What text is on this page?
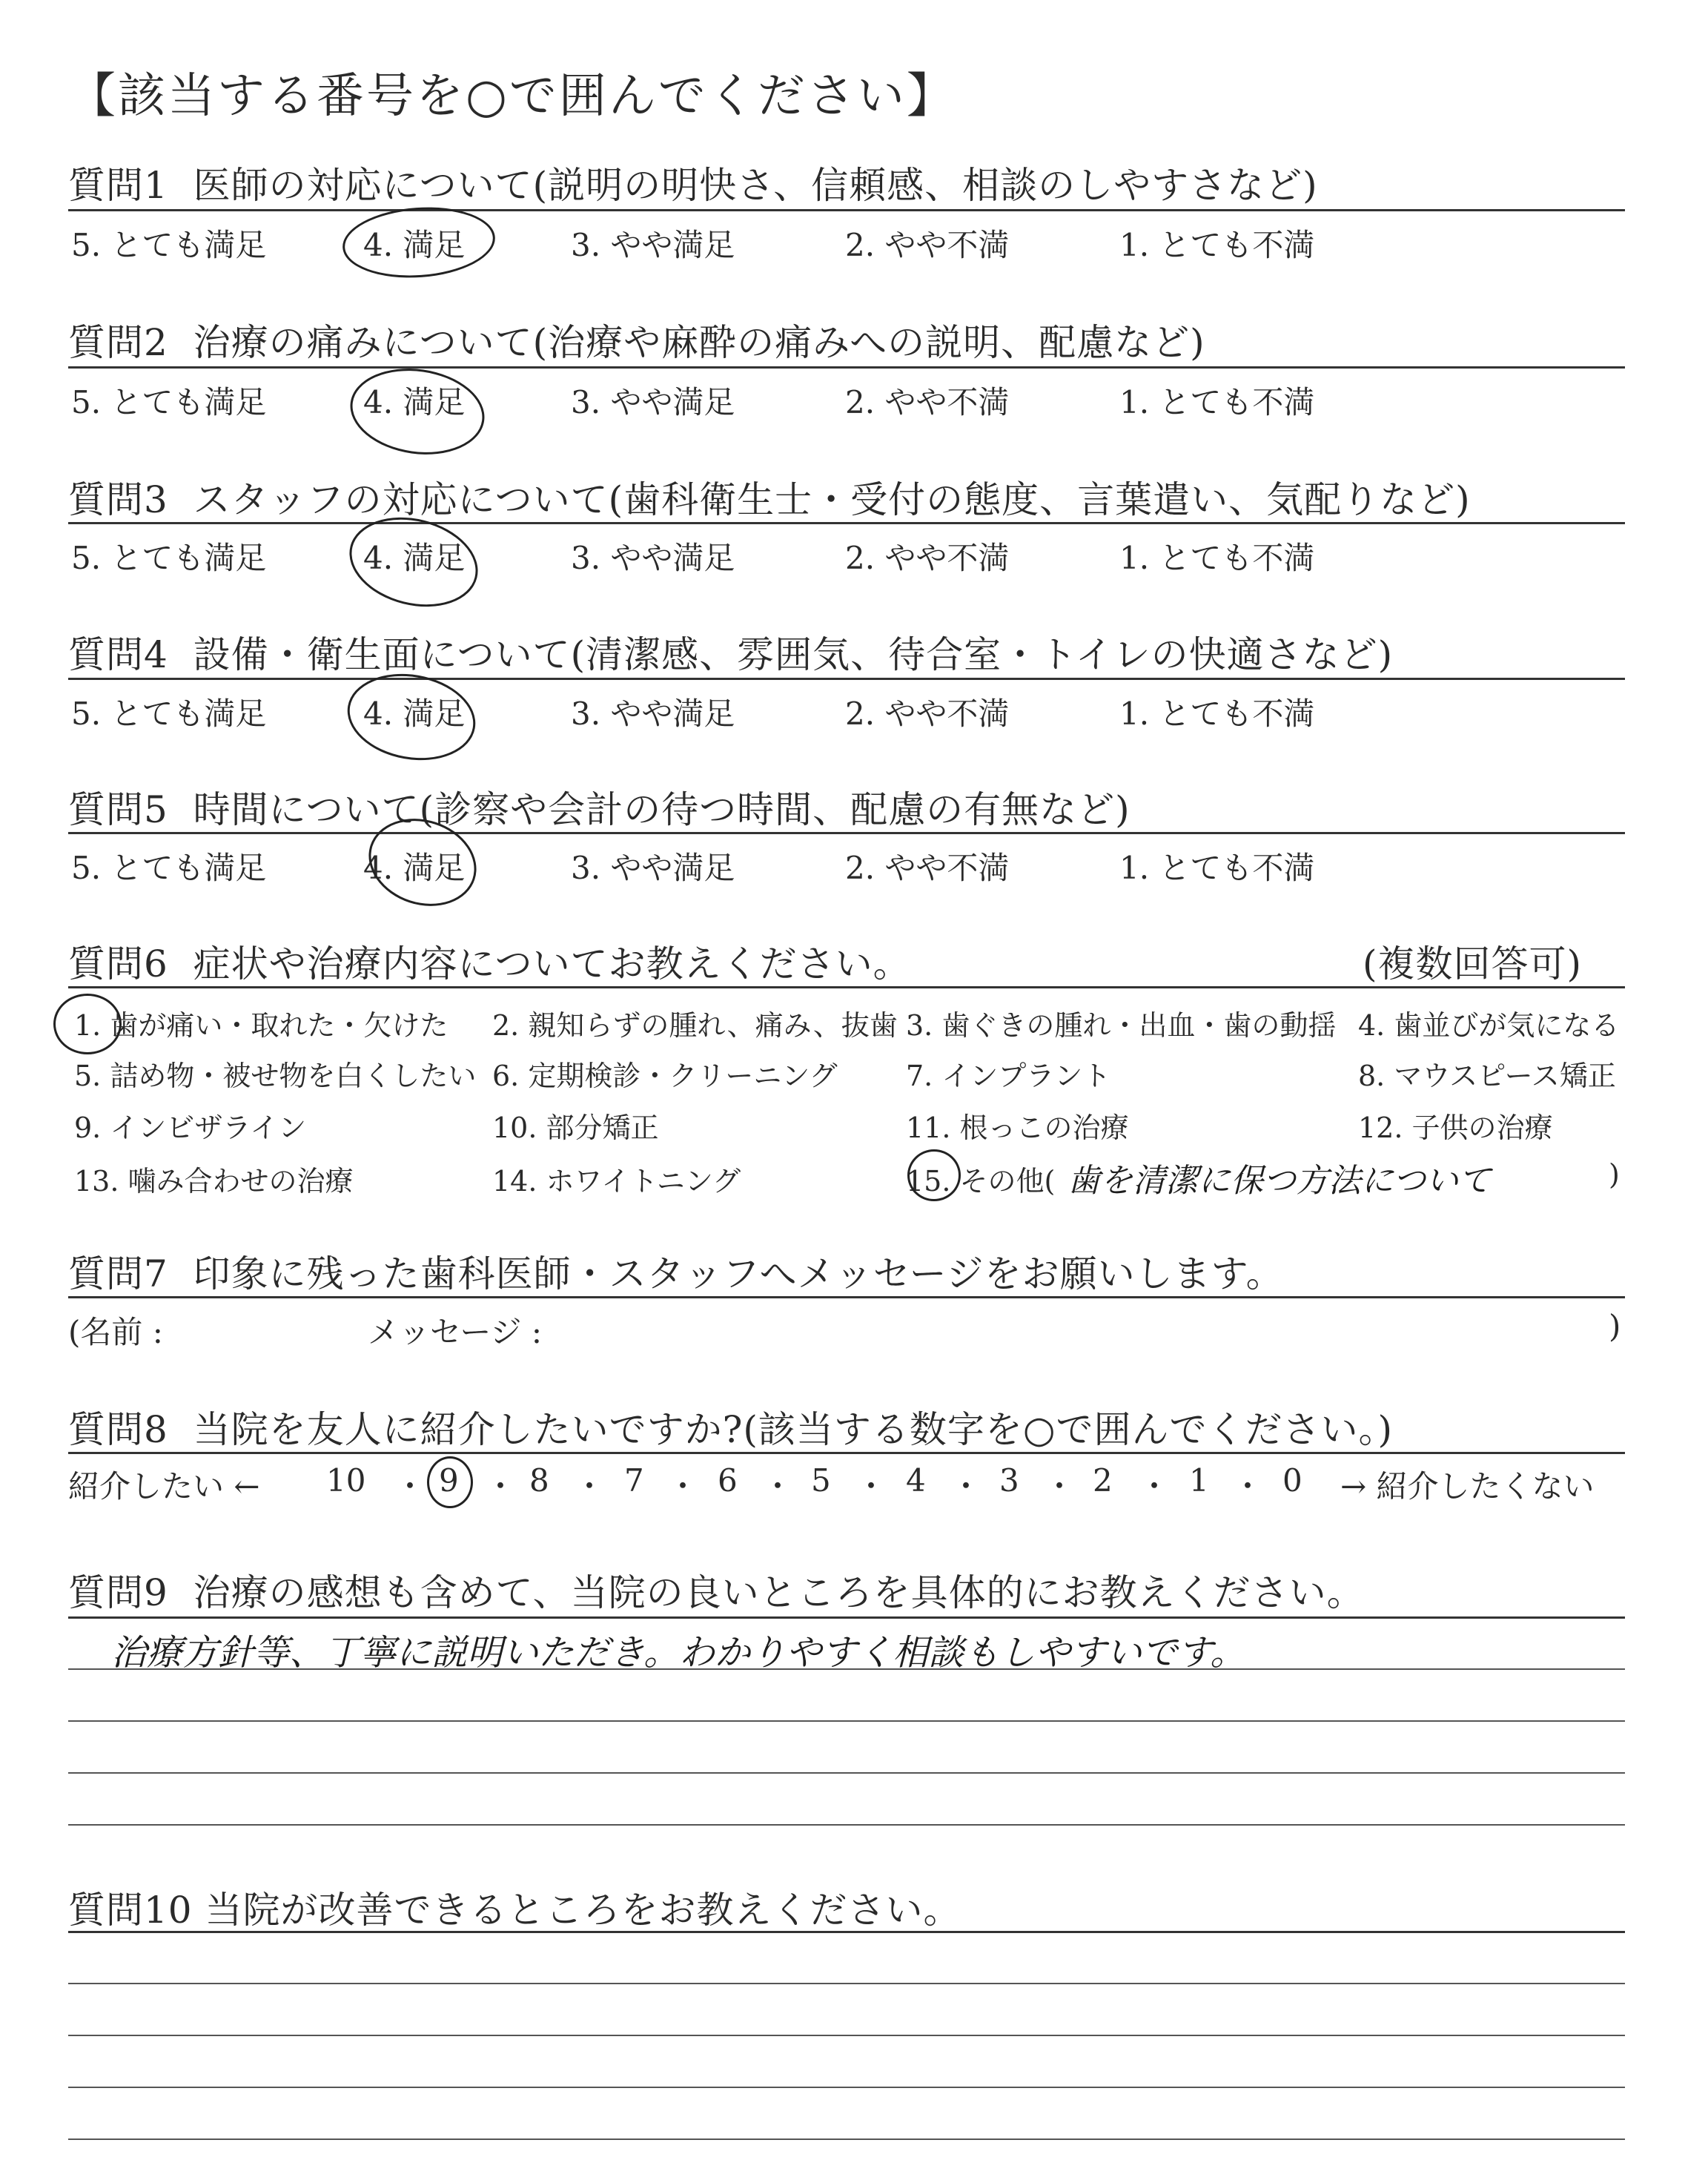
【該当する番号を○で囲んでください】
質問1 医師の対応について(説明の明快さ、信頼感、相談のしやすさなど)
5. とても満足	4. 満足	3. やや満足	2. やや不満	1. とても不満
質問2 治療の痛みについて(治療や麻酔の痛みへの説明、配慮など)
5. とても満足	4. 満足	3. やや満足	2. やや不満	1. とても不満
質問3 スタッフの対応について(歯科衛生士・受付の態度、言葉遣い、気配りなど)
5. とても満足	4. 満足	3. やや満足	2. やや不満	1. とても不満
質問4 設備・衛生面について(清潔感、雰囲気、待合室・トイレの快適さなど)
5. とても満足	4. 満足	3. やや満足	2. やや不満	1. とても不満
質問5 時間について(診察や会計の待つ時間、配慮の有無など)
5. とても満足	4. 満足	3. やや満足	2. やや不満	1. とても不満
質問6 症状や治療内容についてお教えください。	(複数回答可)
1. 歯が痛い・取れた・欠けた 2. 親知らずの腫れ、痛み、抜歯 3. 歯ぐきの腫れ・出血・歯の動揺 4. 歯並びが気になる
5. 詰め物・被せ物を白くしたい 6. 定期検診・クリーニング 7. インプラント	8. マウスピース矯正
9. インビザライン	10. 部分矯正	11. 根っこの治療	12. 子供の治療
13. 噛み合わせの治療	14. ホワイトニング	15. その他( 歯を清潔に保つ方法について	)
質問7 印象に残った歯科医師・スタッフへメッセージをお願いします。
(名前 :	メッセージ :	)
質問8 当院を友人に紹介したいですか?(該当する数字を○で囲んでください。)
紹介したい ←	→ 紹介したくない
10 ・ 9 ・ 8 ・ 7 ・ 6 ・ 5 ・ 4 ・ 3 ・ 2 ・ 1 ・ 0
質問9 治療の感想も含めて、当院の良いところを具体的にお教えください。
治療方針等、丁寧に説明いただき。わかりやすく相談もしやすいです。
質問10 当院が改善できるところをお教えください。
